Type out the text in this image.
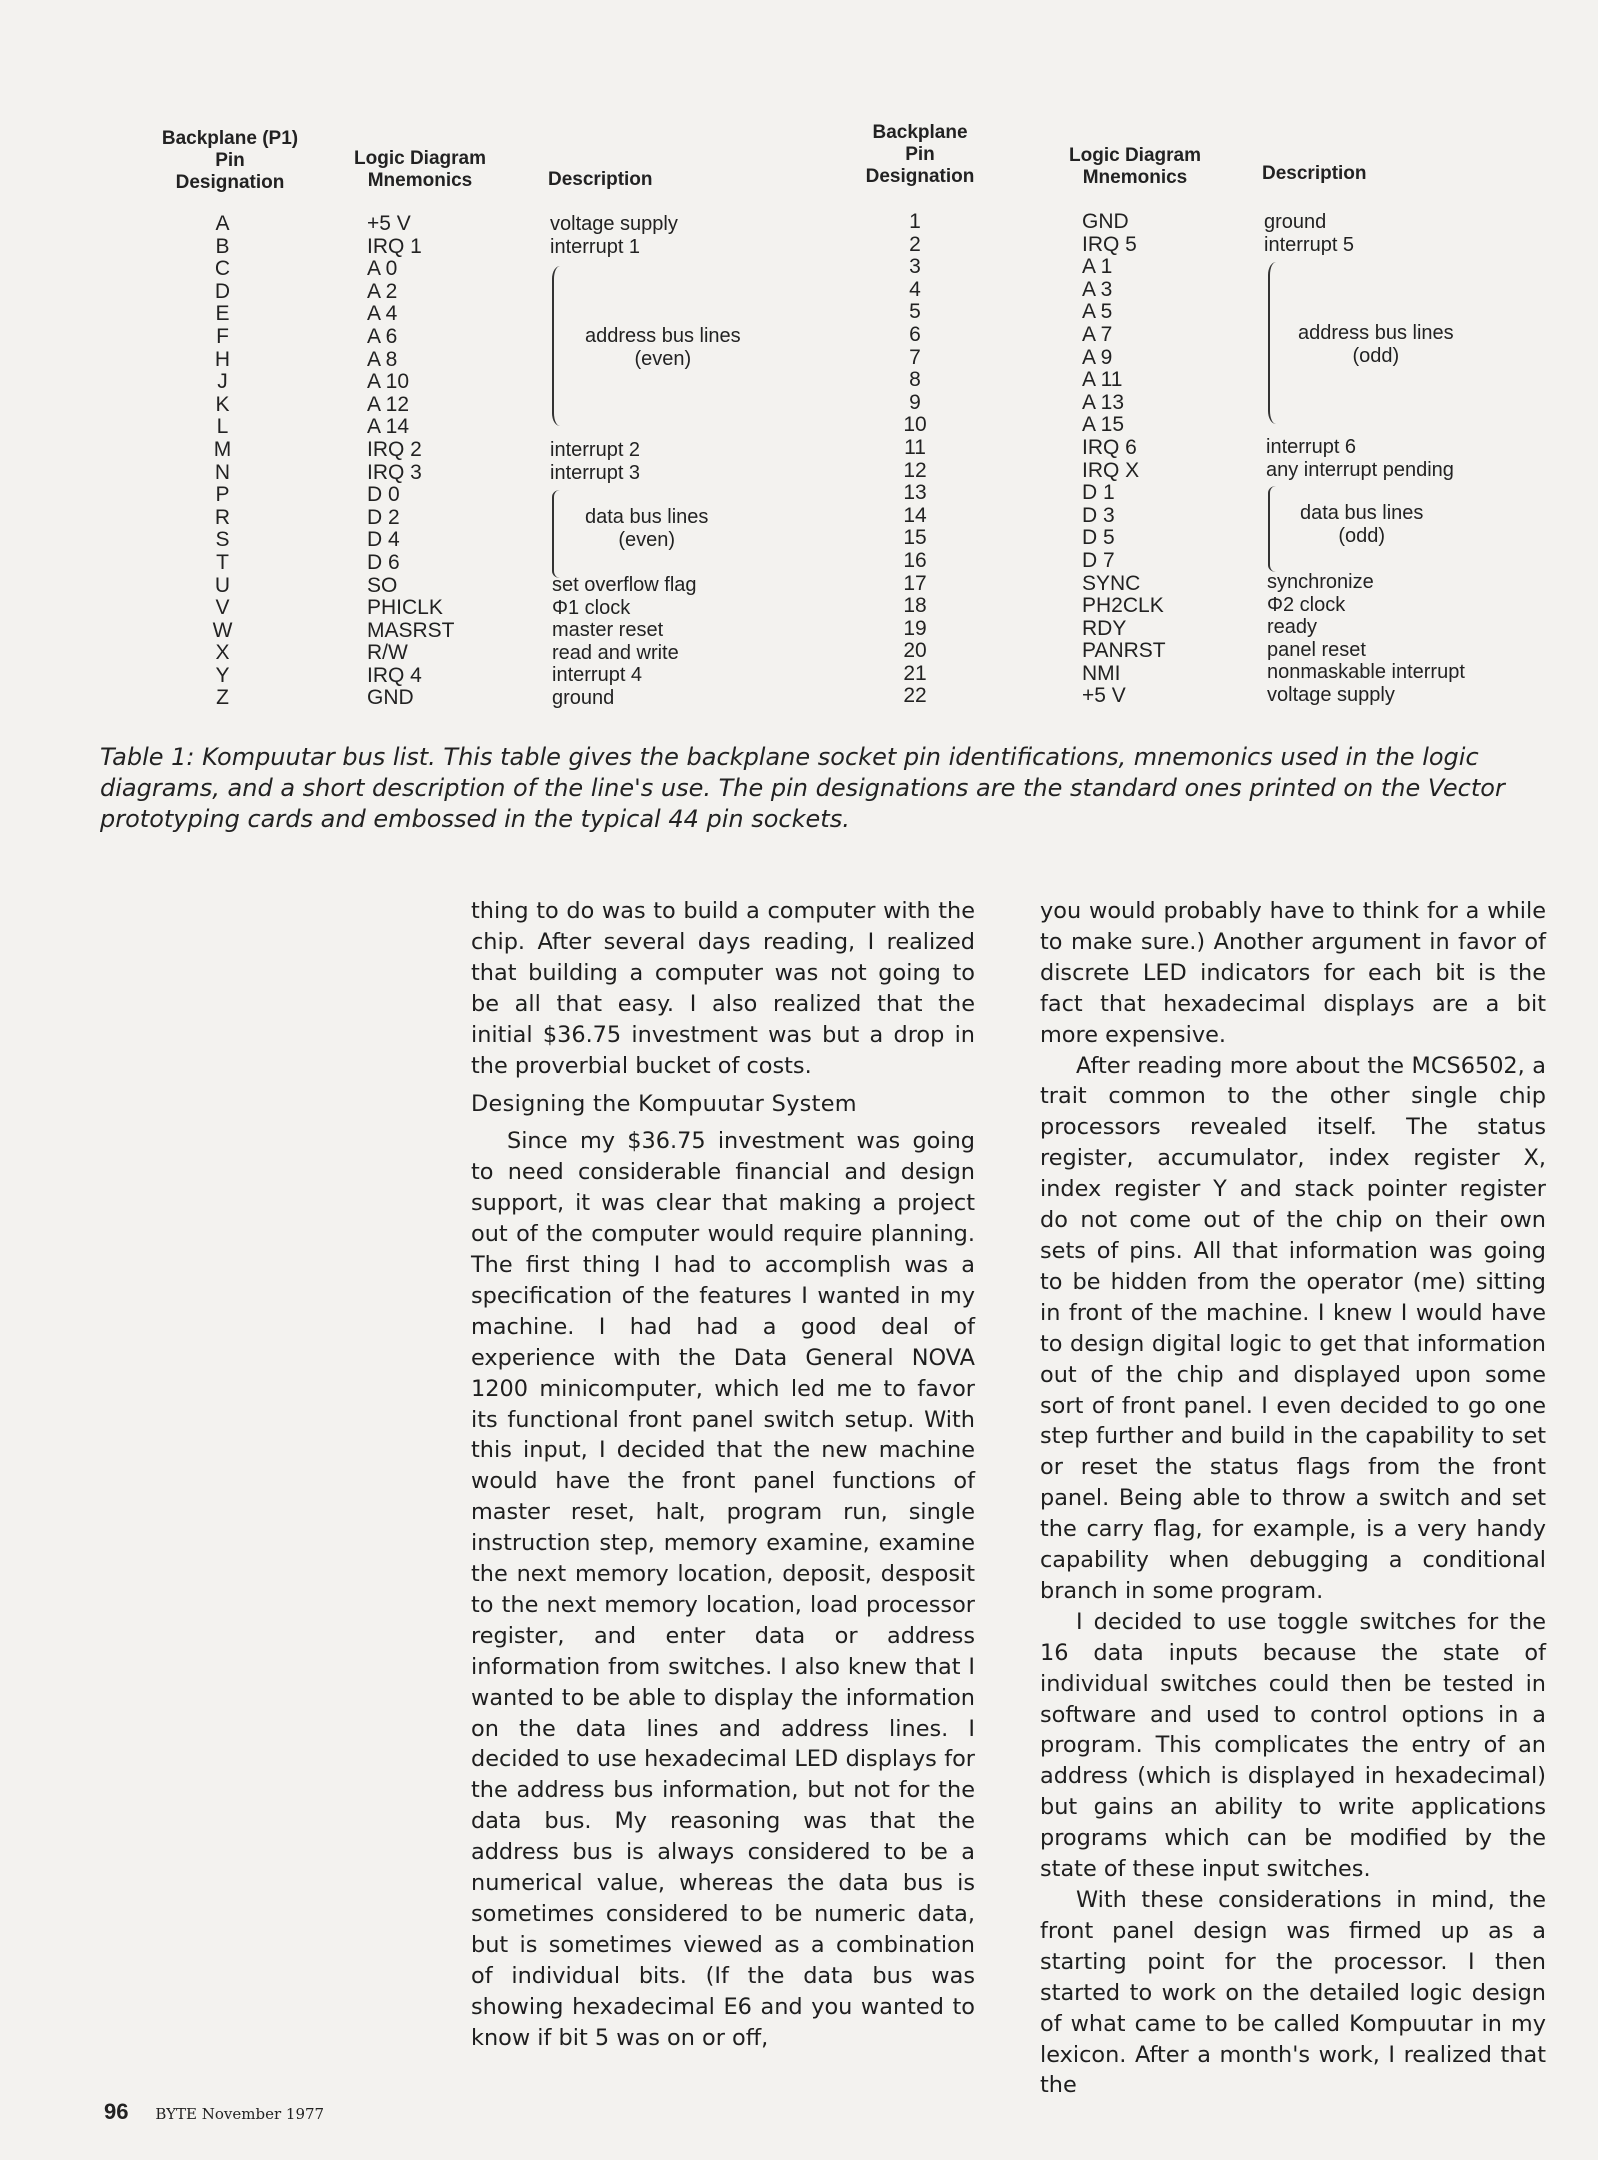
Backplane (P1)
Pin
Designation
Logic Diagram
Mnemonics	Description
A
B
C
D
E
F
H
J
K
L
M
N
P
R
S
T
U
V
W
X
Y
Z
+5 V
IRQ 1
A 0
A 2
A 4
A 6
A 8
A 10
A 12
A 14
IRQ 2
IRQ 3
D 0
D 2
D 4
D 6
SO
PHICLK
MASRST
R/W
IRQ 4
GND
voltage supply
interrupt 1
address bus lines
(even)
interrupt 2
interrupt 3
data bus lines
(even)
set overflow flag
Φ1 clock
master reset
read and write
interrupt 4
ground
Backplane
Pin
Designation
Logic Diagram
Mnemonics	Description
1
2
3
4
5
6
7
8
9
10
11
12
13
14
15
16
17
18
19
20
21
22
GND
IRQ 5
A 1
A 3
A 5
A 7
A 9
A 11
A 13
A 15
IRQ 6
IRQ X
D 1
D 3
D 5
D 7
SYNC
PH2CLK
RDY
PANRST
NMI
+5 V
ground
interrupt 5
address bus lines
(odd)
interrupt 6
any interrupt pending
data bus lines
(odd)
synchronize
Φ2 clock
ready
panel reset
nonmaskable interrupt
voltage supply
Table 1: Kompuutar bus list. This table gives the backplane socket pin identifications, mnemonics used in the logic diagrams, and a short description of the line's use. The pin designations are the standard ones printed on the Vector prototyping cards and embossed in the typical 44 pin sockets.

thing to do was to build a computer with the chip. After several days reading, I realized that building a computer was not going to be all that easy. I also realized that the initial $36.75 investment was but a drop in the proverbial bucket of costs.

Designing the Kompuutar System

Since my $36.75 investment was going to need considerable financial and design support, it was clear that making a project out of the computer would require planning. The first thing I had to accomplish was a specification of the features I wanted in my machine. I had had a good deal of experience with the Data General NOVA 1200 minicomputer, which led me to favor its functional front panel switch setup. With this input, I decided that the new machine would have the front panel functions of master reset, halt, program run, single instruction step, memory examine, examine the next memory location, deposit, desposit to the next memory location, load processor register, and enter data or address information from switches. I also knew that I wanted to be able to display the information on the data lines and address lines. I decided to use hexadecimal LED displays for the address bus information, but not for the data bus. My reasoning was that the address bus is always considered to be a numerical value, whereas the data bus is sometimes considered to be numeric data, but is sometimes viewed as a combination of individual bits. (If the data bus was showing hexadecimal E6 and you wanted to know if bit 5 was on or off,

you would probably have to think for a while to make sure.) Another argument in favor of discrete LED indicators for each bit is the fact that hexadecimal displays are a bit more expensive.

After reading more about the MCS6502, a trait common to the other single chip processors revealed itself. The status register, accumulator, index register X, index register Y and stack pointer register do not come out of the chip on their own sets of pins. All that information was going to be hidden from the operator (me) sitting in front of the machine. I knew I would have to design digital logic to get that information out of the chip and displayed upon some sort of front panel. I even decided to go one step further and build in the capability to set or reset the status flags from the front panel. Being able to throw a switch and set the carry flag, for example, is a very handy capability when debugging a conditional branch in some program.

I decided to use toggle switches for the 16 data inputs because the state of individual switches could then be tested in software and used to control options in a program. This complicates the entry of an address (which is displayed in hexadecimal) but gains an ability to write applications programs which can be modified by the state of these input switches.

With these considerations in mind, the front panel design was firmed up as a starting point for the processor. I then started to work on the detailed logic design of what came to be called Kompuutar in my lexicon. After a month's work, I realized that the

96 BYTE November 1977
